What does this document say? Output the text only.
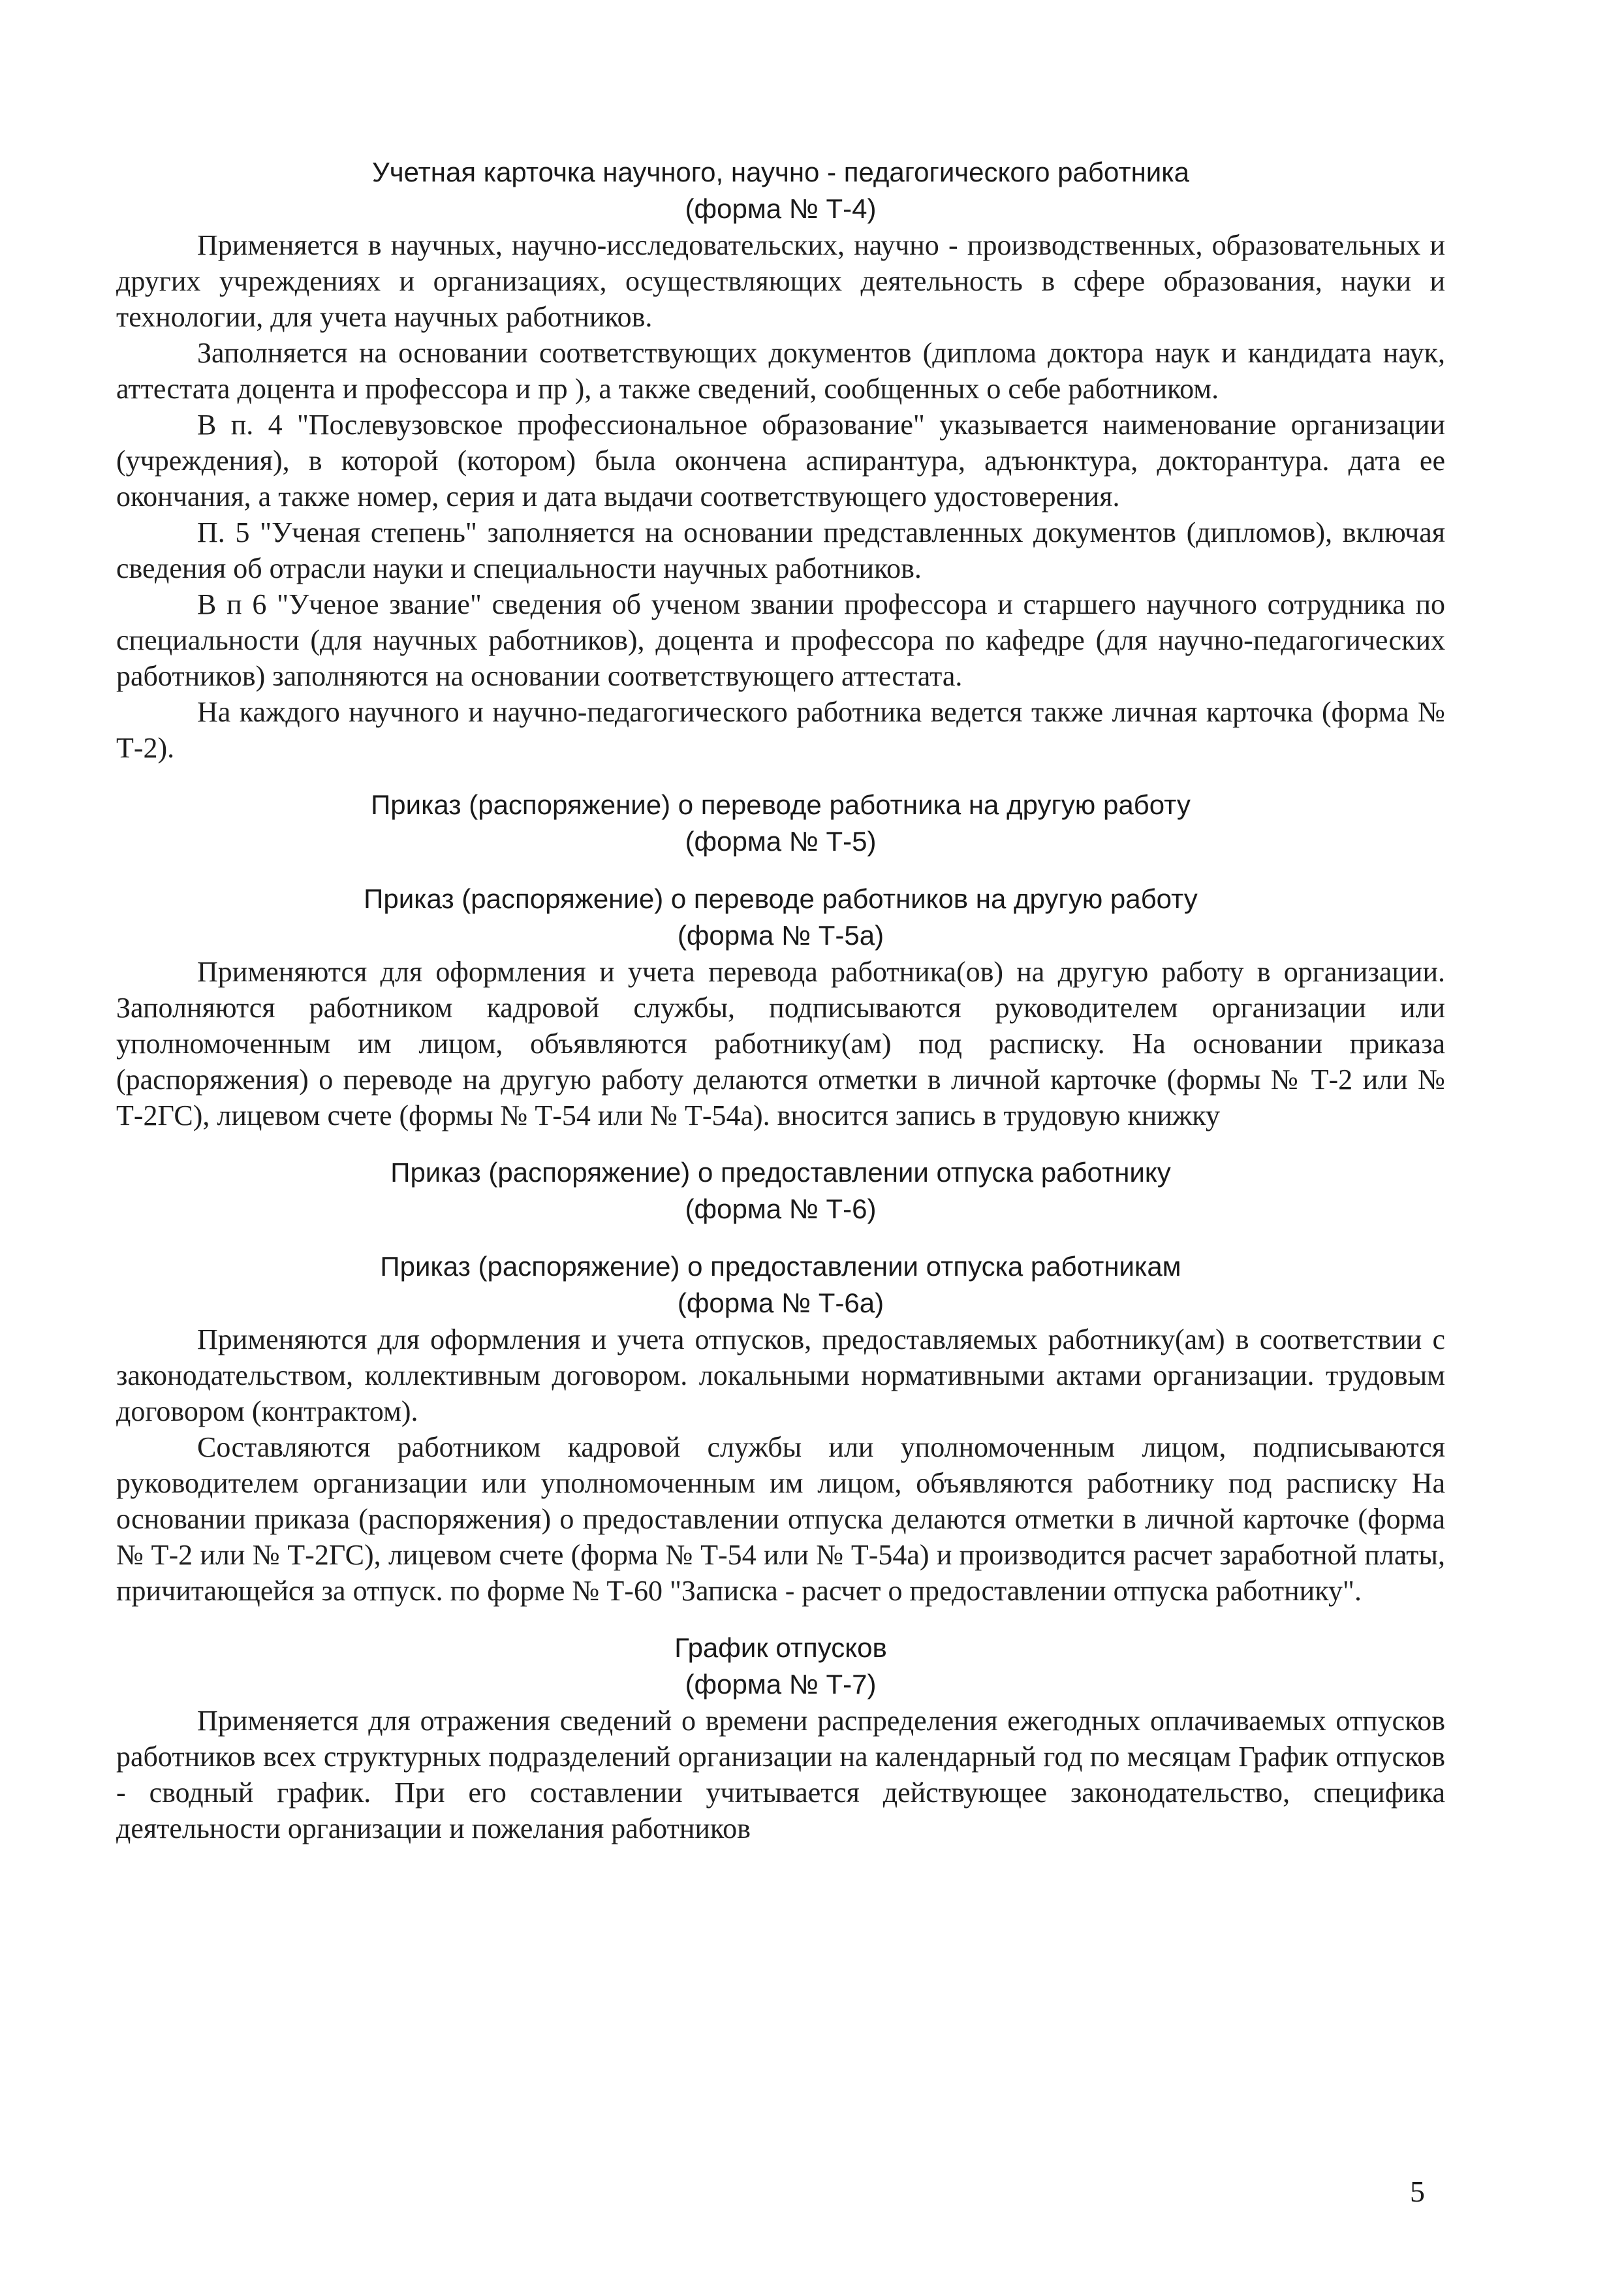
Учетная карточка научного, научно - педагогического работника
(форма № Т-4)

Применяется в научных, научно-исследовательских, научно - производственных, образовательных и других учреждениях и организациях, осуществляющих деятельность в сфере образования, науки и технологии, для учета научных работников.

Заполняется на основании соответствующих документов (диплома доктора наук и кандидата наук, аттестата доцента и профессора и пр ), а также сведений, сообщенных о себе работником.

В п. 4 "Послевузовское профессиональное образование" указывается наименование организации (учреждения), в которой (котором) была окончена аспирантура, адъюнктура, докторантура. дата ее окончания, а также номер, серия и дата выдачи соответствующего удостоверения.

П. 5 "Ученая степень" заполняется на основании представленных документов (дипломов), включая сведения об отрасли науки и специальности научных работников.

В п 6 "Ученое звание" сведения об ученом звании профессора и старшего научного сотрудника по специальности (для научных работников), доцента и профессора по кафедре (для научно-педагогических работников) заполняются на основании соответствующего аттестата.

На каждого научного и научно-педагогического работника ведется также личная карточка (форма № Т-2).

Приказ (распоряжение) о переводе работника на другую работу
(форма № Т-5)
Приказ (распоряжение) о переводе работников на другую работу
(форма № Т-5а)

Применяются для оформления и учета перевода работника(ов) на другую работу в организации. Заполняются работником кадровой службы, подписываются руководителем организации или уполномоченным им лицом, объявляются работнику(ам) под расписку. На основании приказа (распоряжения) о переводе на другую работу делаются отметки в личной карточке (формы № Т-2 или № Т-2ГС), лицевом счете (формы № Т-54 или № Т-54а). вносится запись в трудовую книжку

Приказ (распоряжение) о предоставлении отпуска работнику
(форма № Т-6)
Приказ (распоряжение) о предоставлении отпуска работникам
(форма № Т-6а)

Применяются для оформления и учета отпусков, предоставляемых работнику(ам) в соответствии с законодательством, коллективным договором. локальными нормативными актами организации. трудовым договором (контрактом).

Составляются работником кадровой службы или уполномоченным лицом, подписываются руководителем организации или уполномоченным им лицом, объявляются работнику под расписку На основании приказа (распоряжения) о предоставлении отпуска делаются отметки в личной карточке (форма № Т-2 или № Т-2ГС), лицевом счете (форма № Т-54 или № Т-54а) и производится расчет заработной платы, причитающейся за отпуск. по форме № Т-60 "Записка - расчет о предоставлении отпуска работнику".

График отпусков
(форма № Т-7)

Применяется для отражения сведений о времени распределения ежегодных оплачиваемых отпусков работников всех структурных подразделений организации на календарный год по месяцам График отпусков - сводный график. При его составлении учитывается действующее законодательство, специфика деятельности организации и пожелания работников

5
